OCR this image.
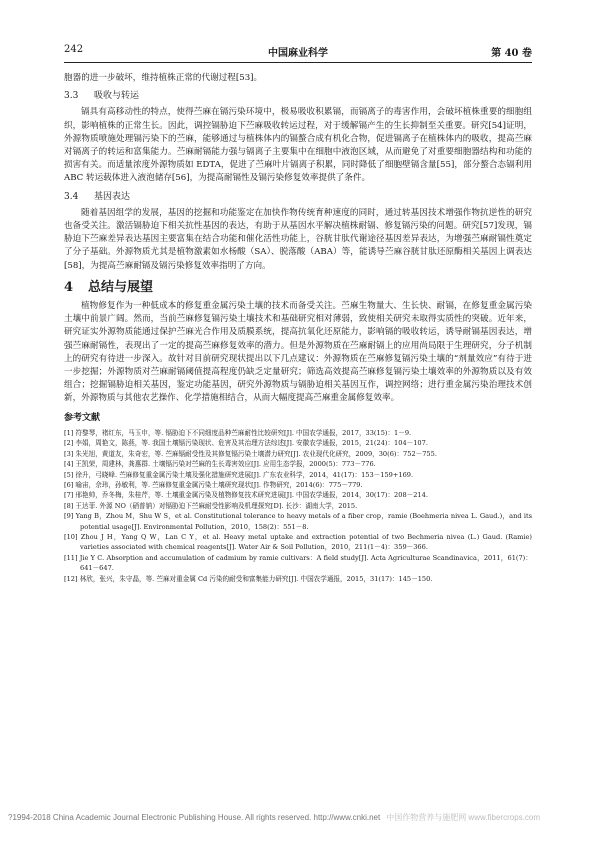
242	中国麻业科学	第 40 卷

胞器的进一步破坏，维持植株正常的代谢过程[53]。

3.3 吸收与转运

镉具有高移动性的特点，使得苎麻在镉污染环境中，极易吸收积累镉，而镉离子的毒害作用，会破坏植株重要的细胞组织，影响植株的正常生长。因此，调控镉胁迫下苎麻吸收转运过程，对于缓解镉产生的生长抑制至关重要。研究[54]证明，外源物质喷施处理镉污染下的苎麻，能够通过与植株体内的镉螯合成有机化合物，促进镉离子在植株体内的吸收，提高苎麻对镉离子的转运和富集能力。苎麻耐镉能力强与镉离子主要集中在细胞中液泡区域，从而避免了对重要细胞器结构和功能的损害有关。而适量浓度外源物质如 EDTA，促进了苎麻叶片镉离子积累，同时降低了细胞壁镉含量[55]，部分螯合态镉利用 ABC 转运载体进入液泡储存[56]，为提高耐镉性及镉污染修复效率提供了条件。

3.4 基因表达

随着基因组学的发展，基因的挖掘和功能鉴定在加快作物传统育种速度的同时，通过转基因技术增强作物抗逆性的研究也备受关注。激活镉胁迫下相关抗性基因的表达，有助于从基因水平解决植株耐镉、修复镉污染的问题。研究[57]发现，镉胁迫下苎麻差异表达基因主要富集在结合功能和催化活性功能上，谷胱甘肽代谢途径基因差异表达，为增强苎麻耐镉性奠定了分子基础。外源物质尤其是植物激素如水杨酸（SA）、脱落酸（ABA）等，能诱导苎麻谷胱甘肽还原酶相关基因上调表达[58]，为提高苎麻耐镉及镉污染修复效率指明了方向。

4 总结与展望

植物修复作为一种低成本的修复重金属污染土壤的技术而备受关注。苎麻生物量大、生长快、耐镉，在修复重金属污染土壤中前景广阔。然而，当前苎麻修复镉污染土壤技术和基础研究相对薄弱，致使相关研究未取得实质性的突破。近年来，研究证实外源物质能通过保护苎麻光合作用及质膜系统，提高抗氧化还原能力，影响镉的吸收转运，诱导耐镉基因表达，增强苎麻耐镉性，表现出了一定的提高苎麻修复效率的潜力。但是外源物质在苎麻耐镉上的应用尚局限于生理研究，分子机制上的研究有待进一步深入。故针对目前研究现状提出以下几点建议：外源物质在苎麻修复镉污染土壤的“剂量效应”有待于进一步挖掘；外源物质对苎麻耐镉阈值提高程度仍缺乏定量研究；筛选高效提高苎麻修复镉污染土壤效率的外源物质以及有效组合；挖掘镉胁迫相关基因，鉴定功能基因，研究外源物质与镉胁迫相关基因互作，调控网络；进行重金属污染治理技术创新，外源物质与其他农艺操作、化学措施相结合，从而大幅度提高苎麻重金属修复效率。

参考文献
[1] 符黎琴，褚红东，马玉申，等. 镉胁迫下不同细度品种苎麻耐性比较研究[J]. 中国农学通报，2017，33(15)：1－9.
[2] 李娟，周艳文，陈燕，等. 我国土壤镉污染现状、危害及其治理方法综述[J]. 安徽农学通报，2015，21(24)：104－107.
[3] 朱光旭，黄道友，朱奇宏，等. 苎麻镉耐受性及其修复镉污染土壤潜力研究[J]. 农业现代化研究，2009，30(6)：752－755.
[4] 王凯荣，周建林，龚惠群. 土壤镉污染对苎麻的生长毒害效应[J]. 应用生态学报，2000(5)：773－776.
[5] 徐升，弓晓峰. 苎麻修复重金属污染土壤及强化措施研究进展[J]. 广东农业科学，2014，41(17)：153－159+169.
[6] 喻宙，佘玮，孙敏利，等. 苎麻修复重金属污染土壤研究现状[J]. 作物研究，2014(6)：775－779.
[7] 邢艳帅，乔冬梅，朱桂芹，等. 土壤重金属污染及植物修复技术研究进展[J]. 中国农学通报，2014，30(17)：208－214.
[8] 王达菲. 外源 NO（硝普钠）对镉胁迫下苎麻耐受性影响及机理探究[D]. 长沙：湖南大学，2015.
[9] Yang B，Zhou M，Shu W S，et al. Constitutional tolerance to heavy metals of a fiber crop，ramie (Boehmeria nivea L. Gaud.)，and its potential usage[J]. Environmental Pollution，2010，158(2)：551－8.
[10] Zhou J H，Yang Q W，Lan C Y，et al. Heavy metal uptake and extraction potential of two Bechmeria nivea (L.) Gaud. (Ramie) varieties associated with chemical reagents[J]. Water Air & Soil Pollution，2010，211(1－4)：359－366.
[11] Jie Y C. Absorption and accumulation of cadmium by ramie cultivars：A field study[J]. Acta Agriculturae Scandinavica，2011，61(7)：641－647.
[12] 林欣，张兴，朱守晶，等. 苎麻对重金属 Cd 污染的耐受和富集能力研究[J]. 中国农学通报，2015，31(17)：145－150.
?1994-2018 China Academic Journal Electronic Publishing House. All rights reserved. http://www.cnki.net 中国作物营养与施肥网 www.fibercrops.com
